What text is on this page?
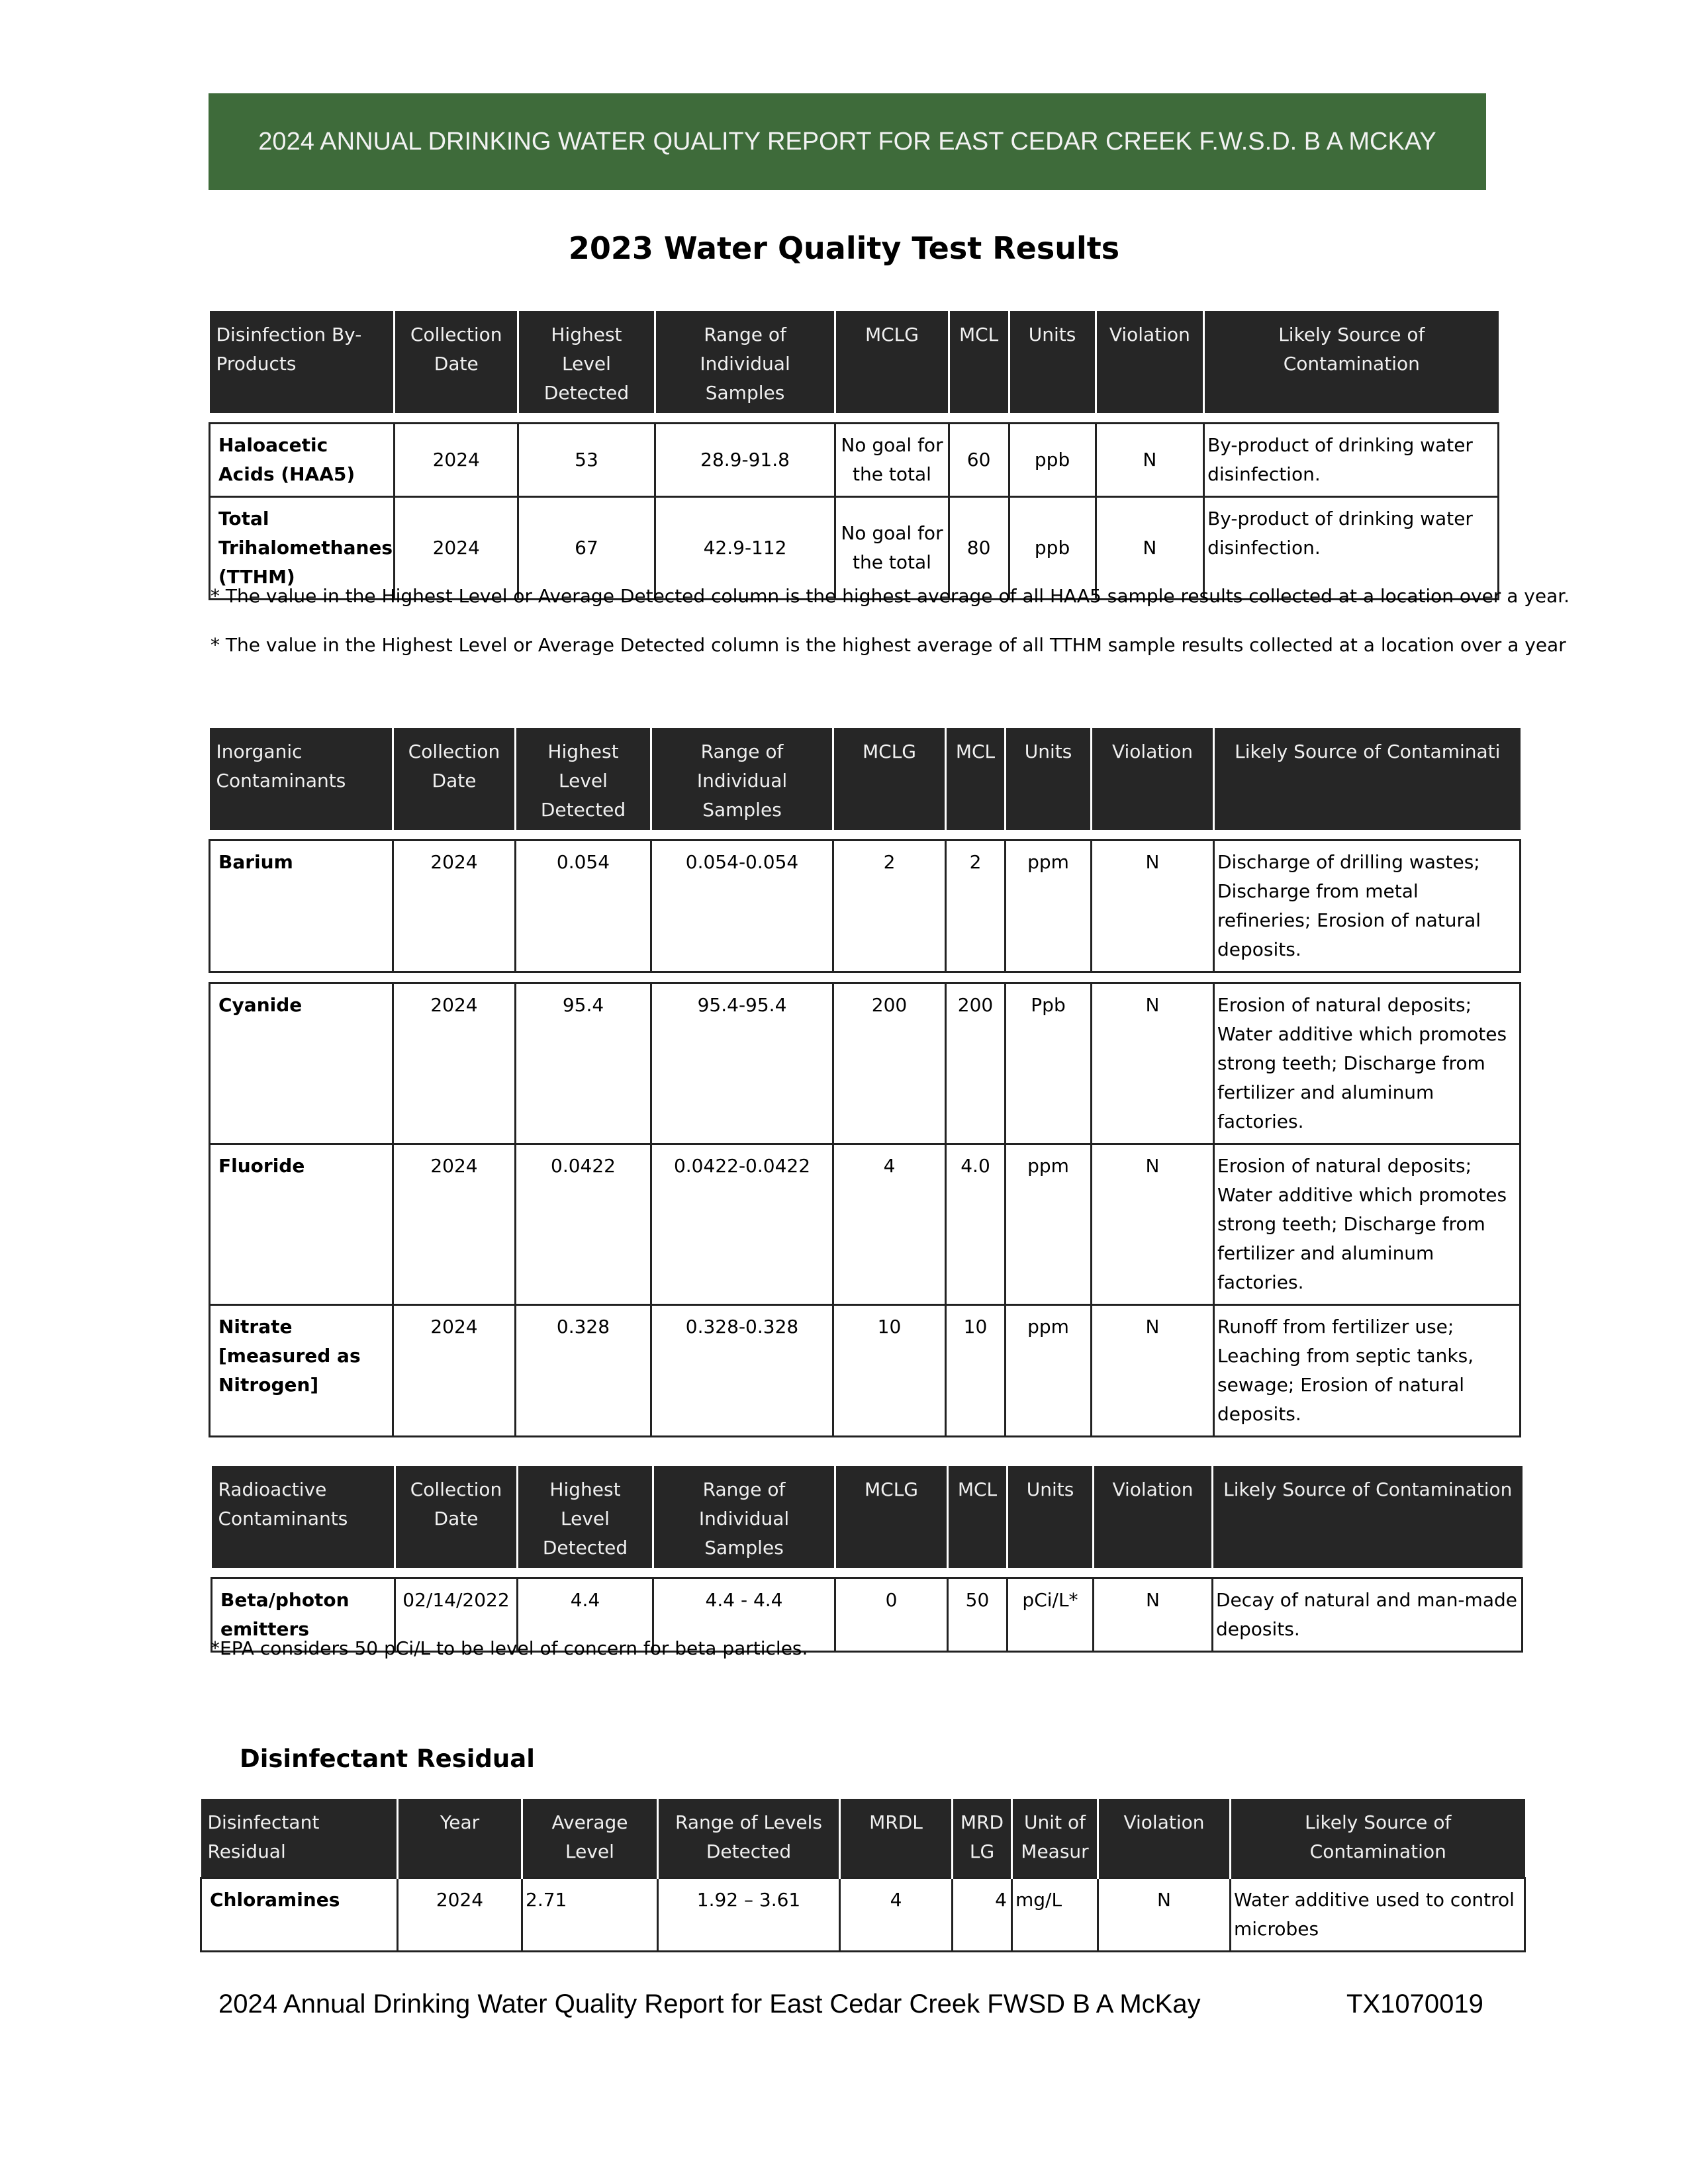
2024 ANNUAL DRINKING WATER QUALITY REPORT FOR EAST CEDAR CREEK F.W.S.D. B A MCKAY
2023 Water Quality Test Results
Disinfection By-Products	Collection Date	Highest Level Detected	Range of Individual Samples	MCLG	MCL	Units	Violation	Likely Source of Contamination

Haloacetic Acids (HAA5)	2024	53	28.9-91.8	No goal for the total	60	ppb	N	By-product of drinking water disinfection.
Total Trihalomethanes (TTHM)	2024	67	42.9-112	No goal for the total	80	ppb	N	By-product of drinking water disinfection.
* The value in the Highest Level or Average Detected column is the highest average of all HAA5 sample results collected at a location over a year.
* The value in the Highest Level or Average Detected column is the highest average of all TTHM sample results collected at a location over a year
Inorganic Contaminants	Collection Date	Highest Level Detected	Range of Individual Samples	MCLG	MCL	Units	Violation	Likely Source of Contaminati

Barium	2024	0.054	0.054-0.054	2	2	ppm	N	Discharge of drilling wastes; Discharge from metal refineries; Erosion of natural deposits.

Cyanide	2024	95.4	95.4-95.4	200	200	Ppb	N	Erosion of natural deposits; Water additive which promotes strong teeth; Discharge from fertilizer and aluminum factories.
Fluoride	2024	0.0422	0.0422-0.0422	4	4.0	ppm	N	Erosion of natural deposits; Water additive which promotes strong teeth; Discharge from fertilizer and aluminum factories.
Nitrate [measured as Nitrogen]	2024	0.328	0.328-0.328	10	10	ppm	N	Runoff from fertilizer use; Leaching from septic tanks, sewage; Erosion of natural deposits.
Radioactive Contaminants	Collection Date	Highest Level Detected	Range of Individual Samples	MCLG	MCL	Units	Violation	Likely Source of Contamination

Beta/photon emitters	02/14/2022	4.4	4.4 - 4.4	0	50	pCi/L*	N	Decay of natural and man-made deposits.
*EPA considers 50 pCi/L to be level of concern for beta particles.
Disinfectant Residual
Disinfectant Residual	Year	Average Level	Range of Levels Detected	MRDL	MRD LG	Unit of Measur	Violation	Likely Source of Contamination
Chloramines	2024	2.71	1.92 – 3.61	4	4	mg/L	N	Water additive used to control microbes
2024 Annual Drinking Water Quality Report for East Cedar Creek FWSD B A McKay	TX1070019
